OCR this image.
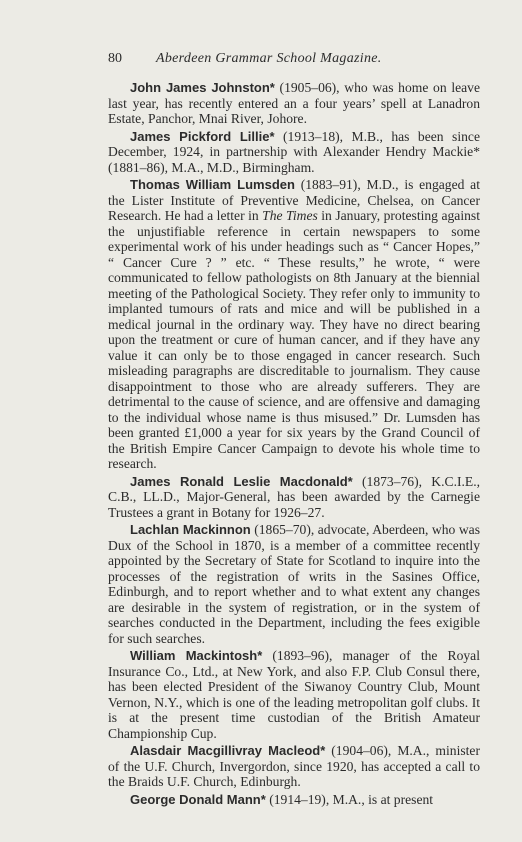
80 Aberdeen Grammar School Magazine.

John James Johnston* (1905–06), who was home on leave last year, has recently entered an a four years’ spell at Lanadron Estate, Panchor, Mnai River, Johore.

James Pickford Lillie* (1913–18), M.B., has been since December, 1924, in partnership with Alexander Hendry Mackie* (1881–86), M.A., M.D., Birmingham.

Thomas William Lumsden (1883–91), M.D., is engaged at the Lister Institute of Preventive Medicine, Chelsea, on Cancer Research. He had a letter in The Times in January, protesting against the unjustifiable reference in certain newspapers to some experimental work of his under headings such as “ Cancer Hopes,” “ Cancer Cure ? ” etc. “ These results,” he wrote, “ were communicated to fellow pathologists on 8th January at the biennial meeting of the Pathological Society. They refer only to immunity to implanted tumours of rats and mice and will be published in a medical journal in the ordinary way. They have no direct bearing upon the treatment or cure of human cancer, and if they have any value it can only be to those engaged in cancer research. Such misleading paragraphs are discreditable to journalism. They cause disappointment to those who are already sufferers. They are detrimental to the cause of science, and are offensive and damaging to the individual whose name is thus misused.” Dr. Lumsden has been granted £1,000 a year for six years by the Grand Council of the British Empire Cancer Campaign to devote his whole time to research.

James Ronald Leslie Macdonald* (1873–76), K.C.I.E., C.B., LL.D., Major-General, has been awarded by the Carnegie Trustees a grant in Botany for 1926–27.

Lachlan Mackinnon (1865–70), advocate, Aberdeen, who was Dux of the School in 1870, is a member of a committee recently appointed by the Secretary of State for Scotland to inquire into the processes of the registration of writs in the Sasines Office, Edinburgh, and to report whether and to what extent any changes are desirable in the system of registration, or in the system of searches conducted in the Department, including the fees exigible for such searches.

William Mackintosh* (1893–96), manager of the Royal Insurance Co., Ltd., at New York, and also F.P. Club Consul there, has been elected President of the Siwanoy Country Club, Mount Vernon, N.Y., which is one of the leading metropolitan golf clubs. It is at the present time custodian of the British Amateur Championship Cup.

Alasdair Macgillivray Macleod* (1904–06), M.A., minister of the U.F. Church, Invergordon, since 1920, has accepted a call to the Braids U.F. Church, Edinburgh.

George Donald Mann* (1914–19), M.A., is at present
